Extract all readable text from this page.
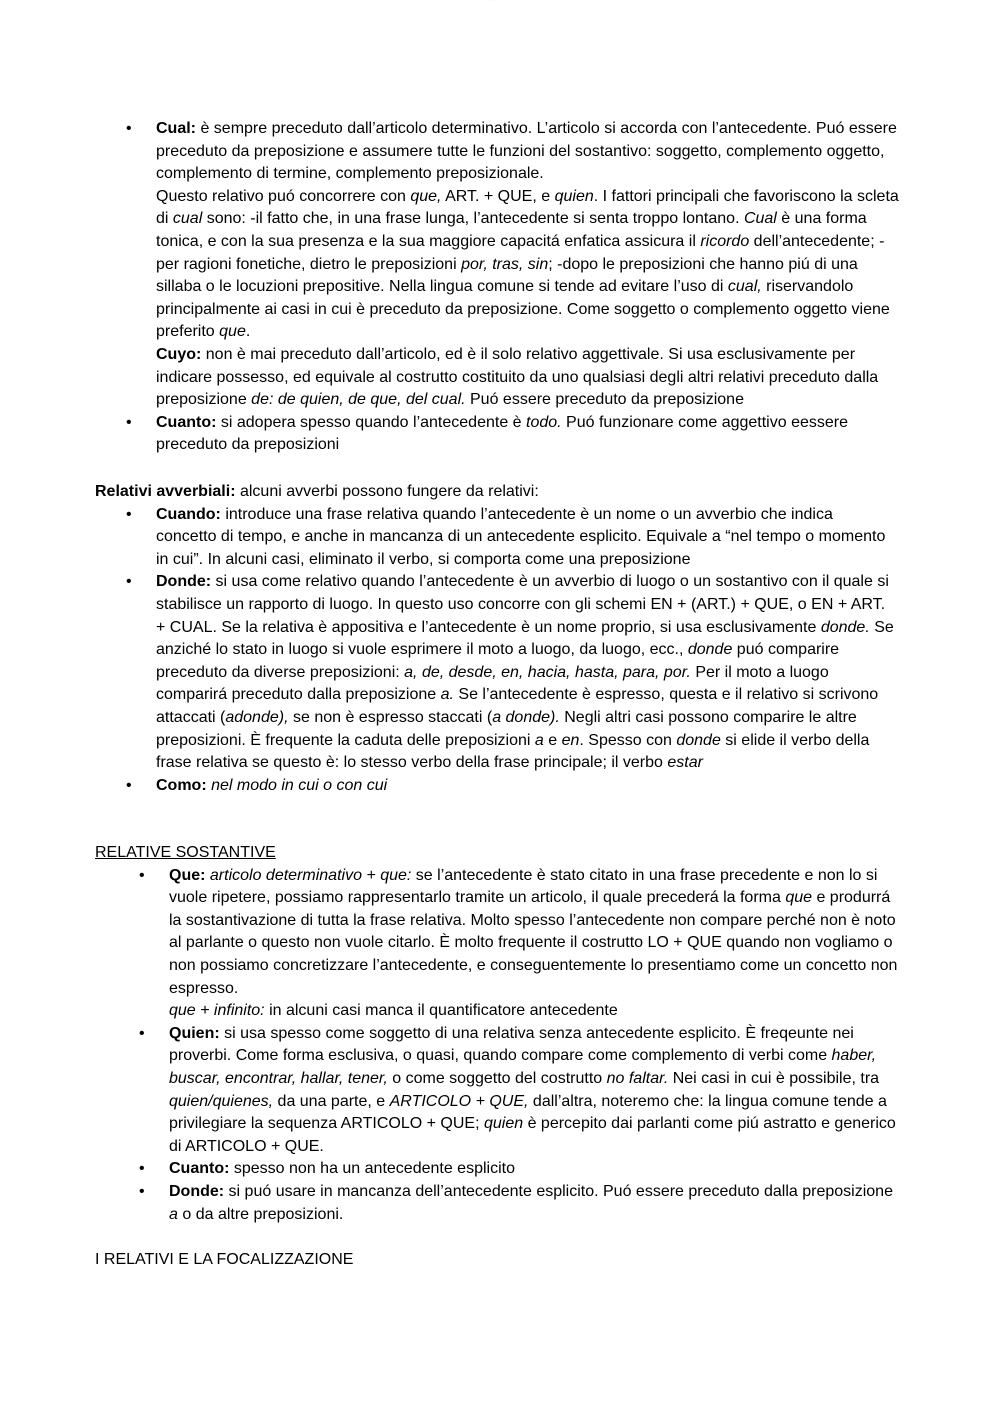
········
• Cual: è sempre preceduto dall’articolo determinativo. L’articolo si accorda con l’antecedente. Puó essere preceduto da preposizione e assumere tutte le funzioni del sostantivo: soggetto, complemento oggetto, complemento di termine, complemento preposizionale.
Questo relativo puó concorrere con que, ART. + QUE, e quien. I fattori principali che favoriscono la scleta di cual sono: -il fatto che, in una frase lunga, l’antecedente si senta troppo lontano. Cual è una forma tonica, e con la sua presenza e la sua maggiore capacitá enfatica assicura il ricordo dell’antecedente; -per ragioni fonetiche, dietro le preposizioni por, tras, sin; -dopo le preposizioni che hanno piú di una sillaba o le locuzioni prepositive. Nella lingua comune si tende ad evitare l’uso di cual, riservandolo principalmente ai casi in cui è preceduto da preposizione. Come soggetto o complemento oggetto viene preferito que.
Cuyo: non è mai preceduto dall’articolo, ed è il solo relativo aggettivale. Si usa esclusivamente per indicare possesso, ed equivale al costrutto costituito da uno qualsiasi degli altri relativi preceduto dalla preposizione de: de quien, de que, del cual. Puó essere preceduto da preposizione
• Cuanto: si adopera spesso quando l’antecedente è todo. Puó funzionare come aggettivo eessere preceduto da preposizioni

Relativi avverbiali: alcuni avverbi possono fungere da relativi:

• Cuando: introduce una frase relativa quando l’antecedente è un nome o un avverbio che indica concetto di tempo, e anche in mancanza di un antecedente esplicito. Equivale a “nel tempo o momento in cui”. In alcuni casi, eliminato il verbo, si comporta come una preposizione
• Donde: si usa come relativo quando l’antecedente è un avverbio di luogo o un sostantivo con il quale si stabilisce un rapporto di luogo. In questo uso concorre con gli schemi EN + (ART.) + QUE, o EN + ART. + CUAL. Se la relativa è appositiva e l’antecedente è un nome proprio, si usa esclusivamente donde. Se anziché lo stato in luogo si vuole esprimere il moto a luogo, da luogo, ecc., donde puó comparire preceduto da diverse preposizioni: a, de, desde, en, hacia, hasta, para, por. Per il moto a luogo comparirá preceduto dalla preposizione a. Se l’antecedente è espresso, questa e il relativo si scrivono attaccati (adonde), se non è espresso staccati (a donde). Negli altri casi possono comparire le altre preposizioni. È frequente la caduta delle preposizioni a e en. Spesso con donde si elide il verbo della frase relativa se questo è: lo stesso verbo della frase principale; il verbo estar
• Como: nel modo in cui o con cui

RELATIVE SOSTANTIVE

• Que: articolo determinativo + que: se l’antecedente è stato citato in una frase precedente e non lo si vuole ripetere, possiamo rappresentarlo tramite un articolo, il quale precederá la forma que e produrrá la sostantivazione di tutta la frase relativa. Molto spesso l’antecedente non compare perché non è noto al parlante o questo non vuole citarlo. È molto frequente il costrutto LO + QUE quando non vogliamo o non possiamo concretizzare l’antecedente, e conseguentemente lo presentiamo come un concetto non espresso.
que + infinito: in alcuni casi manca il quantificatore antecedente
• Quien: si usa spesso come soggetto di una relativa senza antecedente esplicito. È freqeunte nei proverbi. Come forma esclusiva, o quasi, quando compare come complemento di verbi come haber, buscar, encontrar, hallar, tener, o come soggetto del costrutto no faltar. Nei casi in cui è possibile, tra quien/quienes, da una parte, e ARTICOLO + QUE, dall’altra, noteremo che: la lingua comune tende a privilegiare la sequenza ARTICOLO + QUE; quien è percepito dai parlanti come piú astratto e generico di ARTICOLO + QUE.
• Cuanto: spesso non ha un antecedente esplicito
• Donde: si puó usare in mancanza dell’antecedente esplicito. Puó essere preceduto dalla preposizione a o da altre preposizioni.

I RELATIVI E LA FOCALIZZAZIONE
